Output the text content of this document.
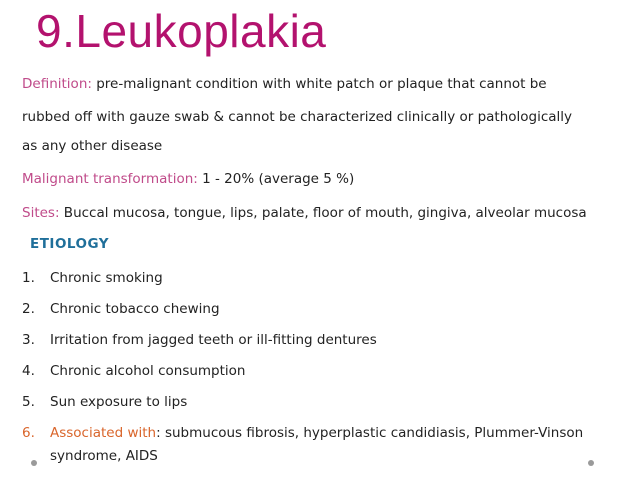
9.Leukoplakia
Definition: pre-malignant condition with white patch or plaque that cannot be
rubbed off with gauze swab & cannot be characterized clinically or pathologically
as any other disease
Malignant transformation: 1 - 20% (average 5 %)
Sites: Buccal mucosa, tongue, lips, palate, floor of mouth, gingiva, alveolar mucosa
ETIOLOGY
1. Chronic smoking
2. Chronic tobacco chewing
3. Irritation from jagged teeth or ill-fitting dentures
4. Chronic alcohol consumption
5. Sun exposure to lips
6. Associated with: submucous fibrosis, hyperplastic candidiasis, Plummer-Vinson
syndrome, AIDS
